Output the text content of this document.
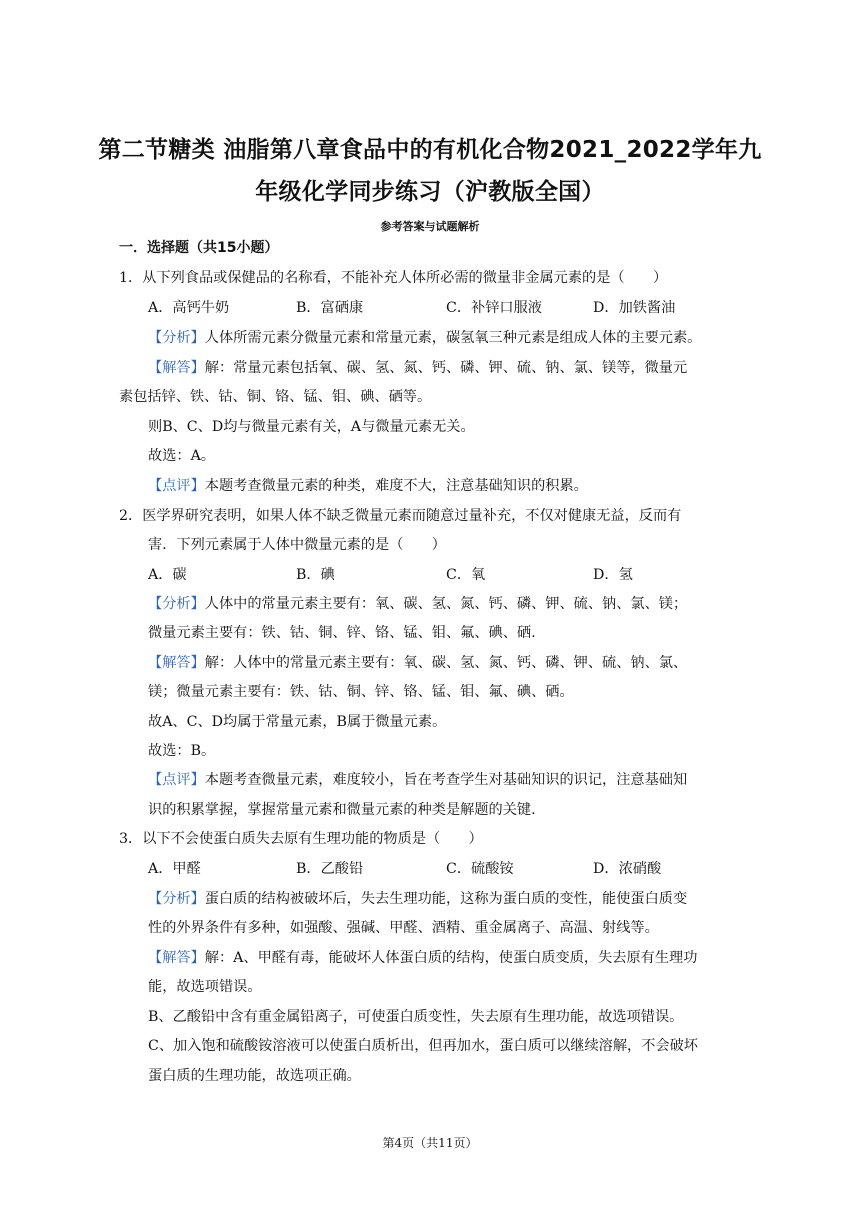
第二节糖类 油脂第八章食品中的有机化合物2021_2022学年九
年级化学同步练习（沪教版全国）
参考答案与试题解析
一．选择题（共15小题）
1．从下列食品或保健品的名称看，不能补充人体所必需的微量非金属元素的是（　　）
A．高钙牛奶	B．富硒康	C．补锌口服液	D．加铁酱油
【分析】人体所需元素分微量元素和常量元素，碳氢氧三种元素是组成人体的主要元素。
【解答】解：常量元素包括氧、碳、氢、氮、钙、磷、钾、硫、钠、氯、镁等，微量元
素包括锌、铁、钴、铜、铬、锰、钼、碘、硒等。
则B、C、D均与微量元素有关，A与微量元素无关。
故选：A。
【点评】本题考查微量元素的种类，难度不大，注意基础知识的积累。
2．医学界研究表明，如果人体不缺乏微量元素而随意过量补充，不仅对健康无益，反而有
害．下列元素属于人体中微量元素的是（　　）
A．碳	B．碘	C．氧	D．氢
【分析】人体中的常量元素主要有：氧、碳、氢、氮、钙、磷、钾、硫、钠、氯、镁；
微量元素主要有：铁、钴、铜、锌、铬、锰、钼、氟、碘、硒.
【解答】解：人体中的常量元素主要有：氧、碳、氢、氮、钙、磷、钾、硫、钠、氯、
镁；微量元素主要有：铁、钴、铜、锌、铬、锰、钼、氟、碘、硒。
故A、C、D均属于常量元素，B属于微量元素。
故选：B。
【点评】本题考查微量元素，难度较小，旨在考查学生对基础知识的识记，注意基础知
识的积累掌握，掌握常量元素和微量元素的种类是解题的关键.
3．以下不会使蛋白质失去原有生理功能的物质是（　　）
A．甲醛	B．乙酸铅	C．硫酸铵	D．浓硝酸
【分析】蛋白质的结构被破坏后，失去生理功能，这称为蛋白质的变性，能使蛋白质变
性的外界条件有多种，如强酸、强碱、甲醛、酒精、重金属离子、高温、射线等。
【解答】解：A、甲醛有毒，能破坏人体蛋白质的结构，使蛋白质变质，失去原有生理功
能，故选项错误。
B、乙酸铅中含有重金属铅离子，可使蛋白质变性，失去原有生理功能，故选项错误。
C、加入饱和硫酸铵溶液可以使蛋白质析出，但再加水，蛋白质可以继续溶解，不会破坏
蛋白质的生理功能，故选项正确。
第4页（共11页）
